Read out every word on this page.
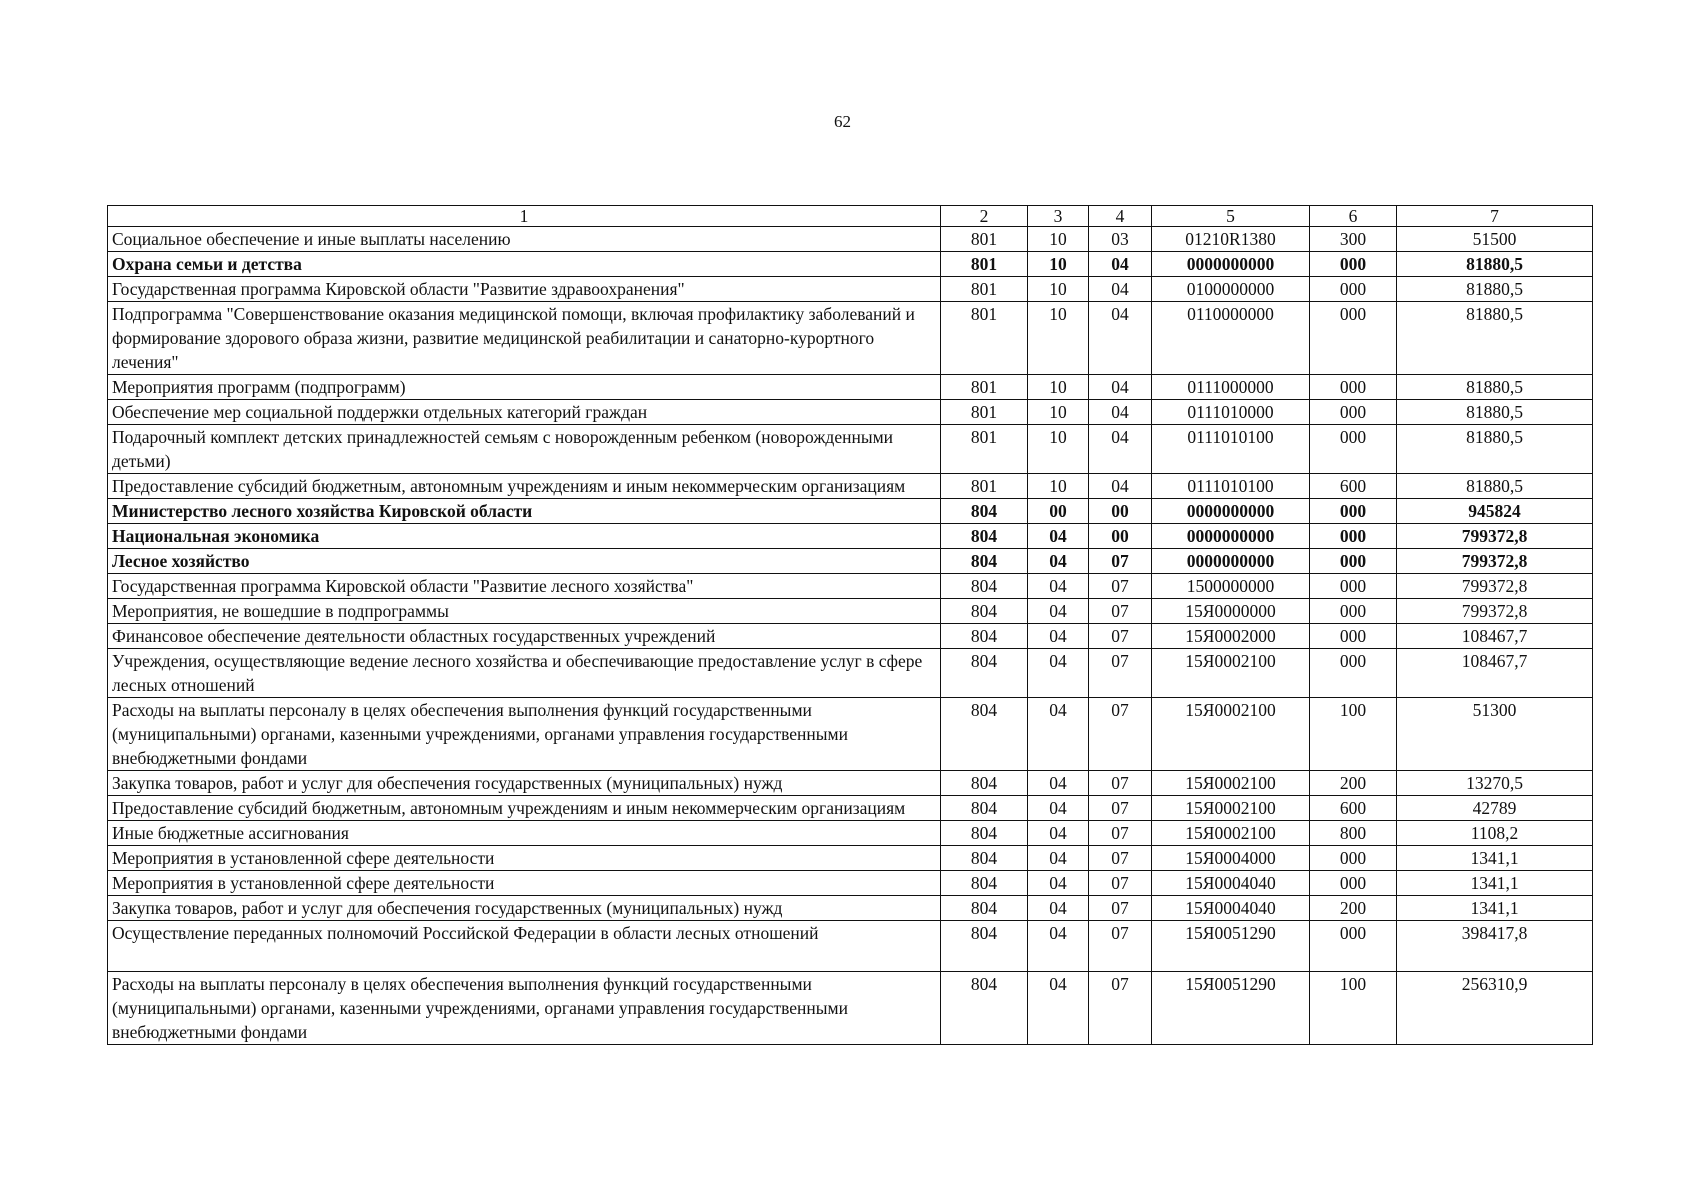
62
1	2	3	4	5	6	7
Социальное обеспечение и иные выплаты населению	801	10	03	01210R1380	300	51500
Охрана семьи и детства	801	10	04	0000000000	000	81880,5
Государственная программа Кировской области "Развитие здравоохранения"	801	10	04	0100000000	000	81880,5
Подпрограмма "Совершенствование оказания медицинской помощи, включая профилактику заболеваний и формирование здорового образа жизни, развитие медицинской реабилитации и санаторно-курортного лечения"	801	10	04	0110000000	000	81880,5
Мероприятия программ (подпрограмм)	801	10	04	0111000000	000	81880,5
Обеспечение мер социальной поддержки отдельных категорий граждан	801	10	04	0111010000	000	81880,5
Подарочный комплект детских принадлежностей семьям с новорожденным ребенком (новорожденными детьми)	801	10	04	0111010100	000	81880,5
Предоставление субсидий бюджетным, автономным учреждениям и иным некоммерческим организациям	801	10	04	0111010100	600	81880,5
Министерство лесного хозяйства Кировской области	804	00	00	0000000000	000	945824
Национальная экономика	804	04	00	0000000000	000	799372,8
Лесное хозяйство	804	04	07	0000000000	000	799372,8
Государственная программа Кировской области "Развитие лесного хозяйства"	804	04	07	1500000000	000	799372,8
Мероприятия, не вошедшие в подпрограммы	804	04	07	15Я0000000	000	799372,8
Финансовое обеспечение деятельности областных государственных учреждений	804	04	07	15Я0002000	000	108467,7
Учреждения, осуществляющие ведение лесного хозяйства и обеспечивающие предоставление услуг в сфере лесных отношений	804	04	07	15Я0002100	000	108467,7
Расходы на выплаты персоналу в целях обеспечения выполнения функций государственными (муниципальными) органами, казенными учреждениями, органами управления государственными внебюджетными фондами	804	04	07	15Я0002100	100	51300
Закупка товаров, работ и услуг для обеспечения государственных (муниципальных) нужд	804	04	07	15Я0002100	200	13270,5
Предоставление субсидий бюджетным, автономным учреждениям и иным некоммерческим организациям	804	04	07	15Я0002100	600	42789
Иные бюджетные ассигнования	804	04	07	15Я0002100	800	1108,2
Мероприятия в установленной сфере деятельности	804	04	07	15Я0004000	000	1341,1
Мероприятия в установленной сфере деятельности	804	04	07	15Я0004040	000	1341,1
Закупка товаров, работ и услуг для обеспечения государственных (муниципальных) нужд	804	04	07	15Я0004040	200	1341,1
Осуществление переданных полномочий Российской Федерации в области лесных отношений	804	04	07	15Я0051290	000	398417,8
Расходы на выплаты персоналу в целях обеспечения выполнения функций государственными (муниципальными) органами, казенными учреждениями, органами управления государственными внебюджетными фондами	804	04	07	15Я0051290	100	256310,9
